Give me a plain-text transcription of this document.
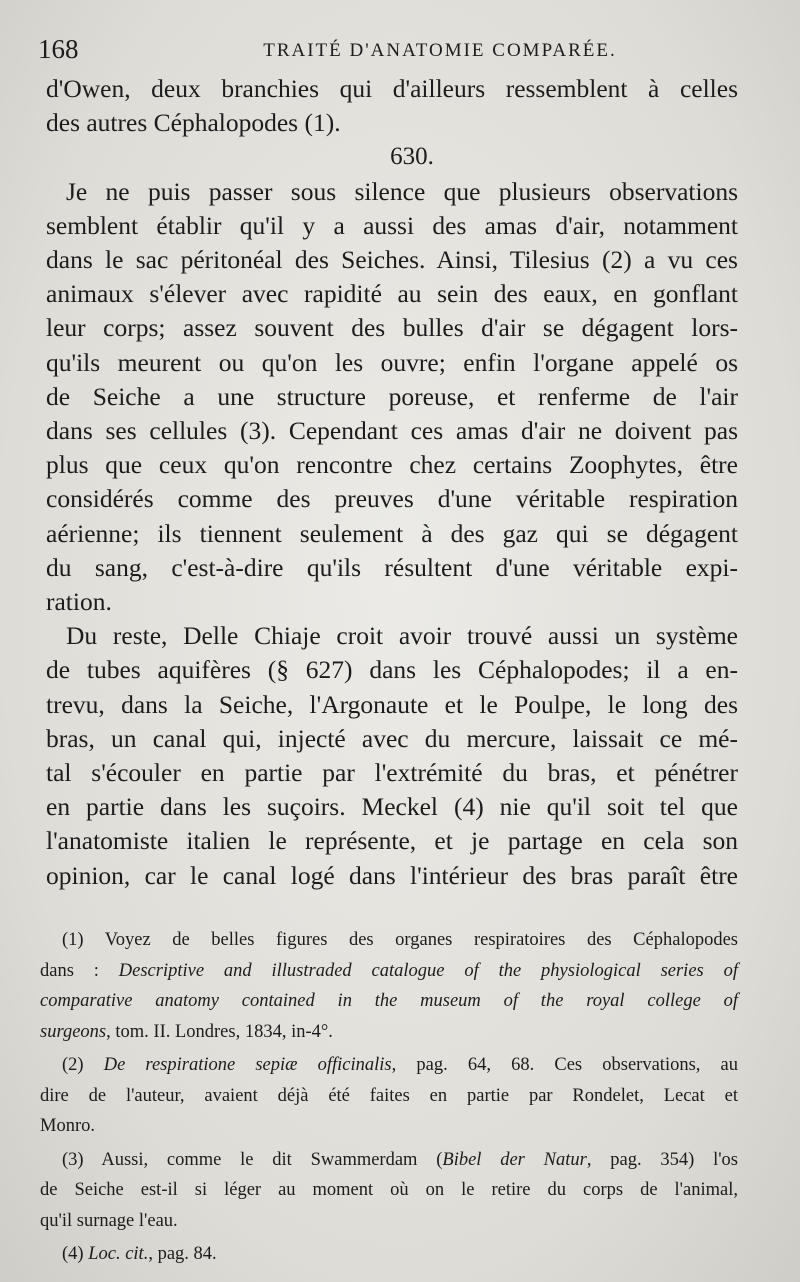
168	TRAITÉ D'ANATOMIE COMPARÉE.
d'Owen, deux branchies qui d'ailleurs ressemblent à celles
des autres Céphalopodes (1).
630.
Je ne puis passer sous silence que plusieurs observations
semblent établir qu'il y a aussi des amas d'air, notamment
dans le sac péritonéal des Seiches. Ainsi, Tilesius (2) a vu ces
animaux s'élever avec rapidité au sein des eaux, en gonflant
leur corps; assez souvent des bulles d'air se dégagent lors-
qu'ils meurent ou qu'on les ouvre; enfin l'organe appelé os
de Seiche a une structure poreuse, et renferme de l'air
dans ses cellules (3). Cependant ces amas d'air ne doivent pas
plus que ceux qu'on rencontre chez certains Zoophytes, être
considérés comme des preuves d'une véritable respiration
aérienne; ils tiennent seulement à des gaz qui se dégagent
du sang, c'est-à-dire qu'ils résultent d'une véritable expi-
ration.
Du reste, Delle Chiaje croit avoir trouvé aussi un système
de tubes aquifères (§ 627) dans les Céphalopodes; il a en-
trevu, dans la Seiche, l'Argonaute et le Poulpe, le long des
bras, un canal qui, injecté avec du mercure, laissait ce mé-
tal s'écouler en partie par l'extrémité du bras, et pénétrer
en partie dans les suçoirs. Meckel (4) nie qu'il soit tel que
l'anatomiste italien le représente, et je partage en cela son
opinion, car le canal logé dans l'intérieur des bras paraît être
(1) Voyez de belles figures des organes respiratoires des Céphalopodes
dans : Descriptive and illustraded catalogue of the physiological series of
comparative anatomy contained in the museum of the royal college of
surgeons, tom. II. Londres, 1834, in-4°.
(2) De respiratione sepiæ officinalis, pag. 64, 68. Ces observations, au
dire de l'auteur, avaient déjà été faites en partie par Rondelet, Lecat et
Monro.
(3) Aussi, comme le dit Swammerdam (Bibel der Natur, pag. 354) l'os
de Seiche est-il si léger au moment où on le retire du corps de l'animal,
qu'il surnage l'eau.
(4) Loc. cit., pag. 84.
